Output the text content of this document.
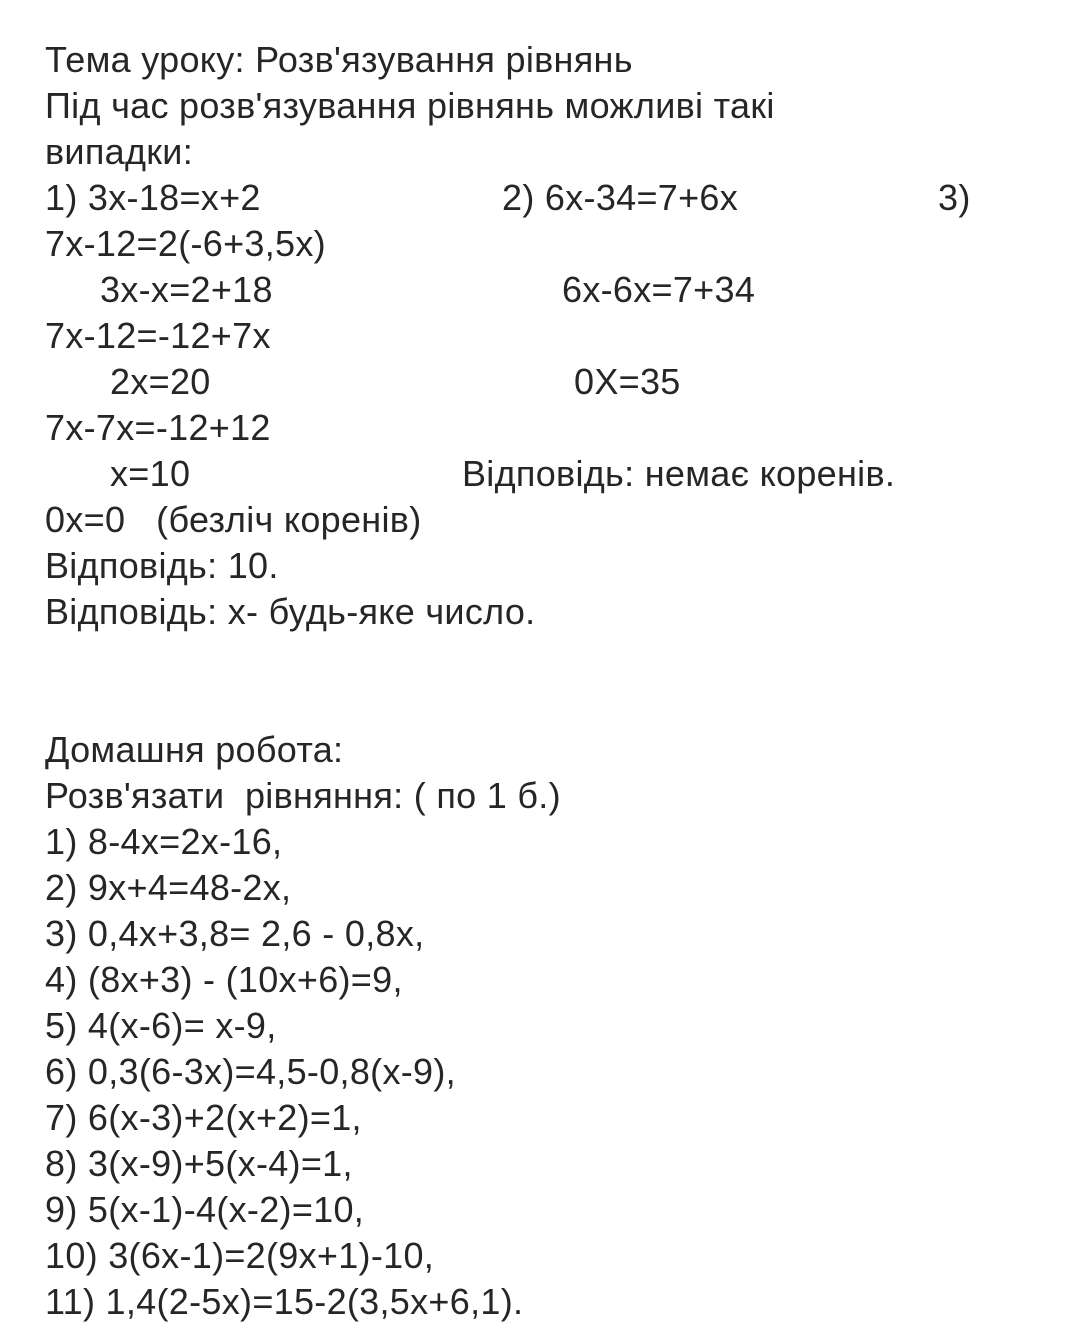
Тема уроку: Розв'язування рівнянь
Під час розв'язування рівнянь можливі такі
випадки:
1) 3x-18=x+2	2) 6x-34=7+6x	3)
7x-12=2(-6+3,5x)
3x-x=2+18	6x-6x=7+34
7x-12=-12+7x
2x=20	0X=35
7x-7x=-12+12
x=10	Відповідь: немає коренів.
0x=0   (безліч коренів)
Відповідь: 10.
Відповідь: x- будь-яке число.
Домашня робота:
Розв'язати  рівняння: ( по 1 б.)
1) 8-4x=2x-16,
2) 9x+4=48-2x,
3) 0,4x+3,8= 2,6 - 0,8x,
4) (8x+3) - (10x+6)=9,
5) 4(x-6)= x-9,
6) 0,3(6-3x)=4,5-0,8(x-9),
7) 6(x-3)+2(x+2)=1,
8) 3(x-9)+5(x-4)=1,
9) 5(x-1)-4(x-2)=10,
10) 3(6x-1)=2(9x+1)-10,
11) 1,4(2-5x)=15-2(3,5x+6,1).
